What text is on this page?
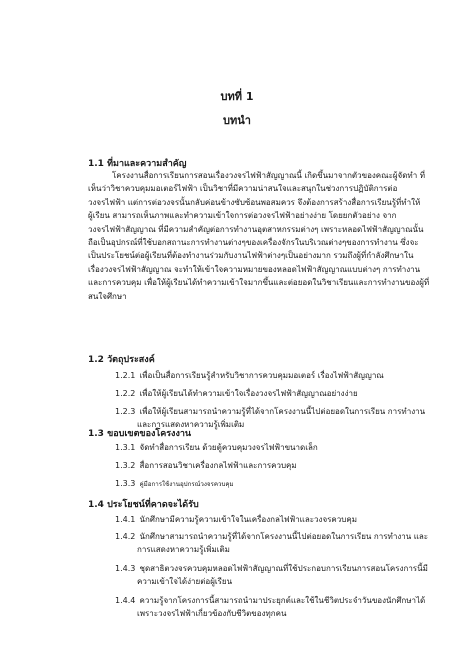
บทที่ 1
บทนำ
1.1 ที่มาและความสำคัญ
โครงงานสื่อการเรียนการสอนเรื่องวงจรไฟฟ้าสัญญาณนี้ เกิดขึ้นมาจากตัวของคณะผู้จัดทำ ที่
เห็นว่าวิชาควบคุมมอเตอร์ไฟฟ้า เป็นวิชาที่มีความน่าสนใจและสนุกในช่วงการปฏิบัติการต่อ
วงจรไฟฟ้า แต่การต่อวงจรนั้นกลับค่อนข้างซับซ้อนพอสมควร จึงต้องการสร้างสื่อการเรียนรู้ที่ทำให้
ผู้เรียน สามารถเห็นภาพและทำความเข้าใจการต่อวงจรไฟฟ้าอย่างง่าย โดยยกตัวอย่าง จาก
วงจรไฟฟ้าสัญญาณ ที่มีความสำคัญต่อการทำงานอุตสาหกรรมต่างๆ เพราะหลอดไฟฟ้าสัญญาณนั้น
ถือเป็นอุปกรณ์ที่ใช้บอกสถานะการทำงานต่างๆของเครื่องจักรในบริเวณต่างๆของการทำงาน ซึ่งจะ
เป็นประโยชน์ต่อผู้เรียนที่ต้องทำงานร่วมกับงานไฟฟ้าต่างๆเป็นอย่างมาก รวมถึงผู้ที่กำลังศึกษาใน
เรื่องวงจรไฟฟ้าสัญญาณ จะทำให้เข้าใจความหมายของหลอดไฟฟ้าสัญญาณแบบต่างๆ การทำงาน
และการควบคุม เพื่อให้ผู้เรียนได้ทำความเข้าใจมากขึ้นและต่อยอดในวิชาเรียนและการทำงานของผู้ที่
สนใจศึกษา
1.2 วัตถุประสงค์
1.2.1 เพื่อเป็นสื่อการเรียนรู้สำหรับวิชาการควบคุมมอเตอร์ เรื่องไฟฟ้าสัญญาณ
1.2.2 เพื่อให้ผู้เรียนได้ทำความเข้าใจเรื่องวงจรไฟฟ้าสัญญาณอย่างง่าย
1.2.3 เพื่อให้ผู้เรียนสามารถนำความรู้ที่ได้จากโครงงานนี้ไปต่อยอดในการเรียน การทำงาน
และการแสดงหาความรู้เพิ่มเติม
1.3 ขอบเขตของโครงงาน
1.3.1 จัดทำสื่อการเรียน ด้วยตู้ควบคุมวงจรไฟฟ้าขนาดเล็ก
1.3.2 สื่อการสอนวิชาเครื่องกลไฟฟ้าและการควบคุม
1.3.3 คู่มือการใช้งานอุปกรณ์วงจรควบคุม
1.4 ประโยชน์ที่คาดจะได้รับ
1.4.1 นักศึกษามีความรู้ความเข้าใจในเครื่องกลไฟฟ้าและวงจรควบคุม
1.4.2 นักศึกษาสามารถนำความรู้ที่ได้จากโครงงานนี้ไปต่อยอดในการเรียน การทำงาน และ
การแสดงหาความรู้เพิ่มเติม
1.4.3 ชุดสาธิตวงจรควบคุมหลอดไฟฟ้าสัญญาณที่ใช้ประกอบการเรียนการสอนโครงการนี้มี
ความเข้าใจได้ง่ายต่อผู้เรียน
1.4.4 ความรู้จากโครงการนี้สามารถนำมาประยุกต์และใช้ในชีวิตประจำวันของนักศึกษาได้
เพราะวงจรไฟฟ้าเกี่ยวข้องกับชีวิตของทุกคน
